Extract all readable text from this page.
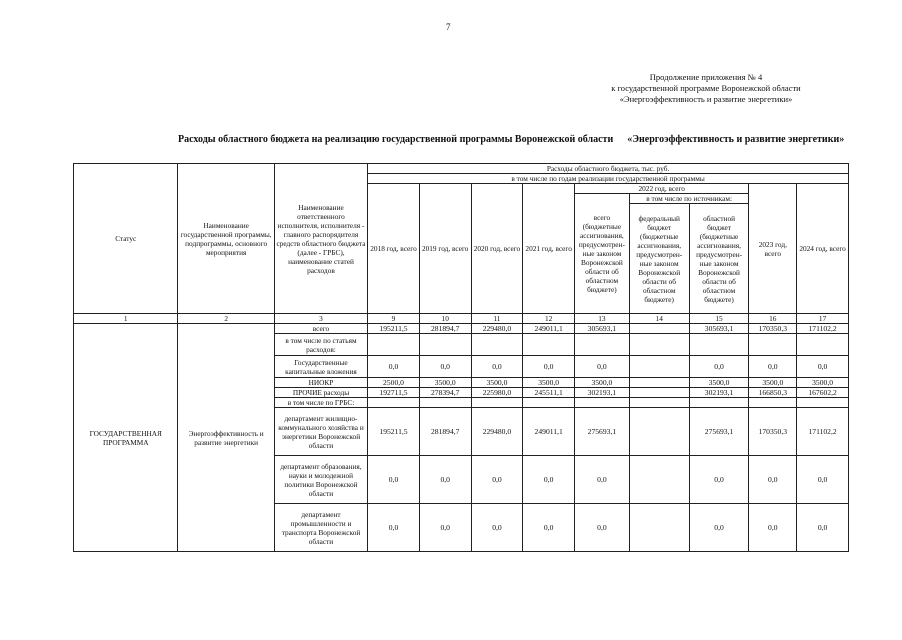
7
Продолжение приложения № 4
к государственной программе Воронежской области
«Энергоэффективность и развитие энергетики»
Расходы областного бюджета на реализацию государственной программы Воронежской области «Энергоэффективность и развитие энергетики»
Статус	Наименование государственной программы, подпрограммы, основного мероприятия	Наименование ответственного исполнителя, исполнителя - главного распорядителя средств областного бюджета (далее - ГРБС), наименование статей расходов	Расходы областного бюджета, тыс. руб.								
			в том числе по годам реализации государственной программы								
			2018 год, всего	2019 год, всего	2020 год, всего	2021 год, всего	2022 год, всего			2023 год, всего	2024 год, всего
							всего (бюджетные ассигнования, предусмотрен-ные законом Воронежской области об областном бюджете)	в том числе по источникам:			
								федеральный бюджет (бюджетные ассигнования, предусмотрен-ные законом Воронежской области об областном бюджете)	областной бюджет (бюджетные ассигнования, предусмотрен-ные законом Воронежской области об областном бюджете)		
1	2	3	9	10	11	12	13	14	15	16	17
ГОСУДАРСТВЕННАЯ ПРОГРАММА	Энергоэффективность и развитие энергетики	всего	195211,5	281894,7	229480,0	249011,1	305693,1		305693,1	170350,3	171102,2
		в том числе по статьям расходов:									
		Государственные капитальные вложения	0,0	0,0	0,0	0,0	0,0		0,0	0,0	0,0
		НИОКР	2500,0	3500,0	3500,0	3500,0	3500,0		3500,0	3500,0	3500,0
		ПРОЧИЕ расходы	192711,5	278394,7	225980,0	245511,1	302193,1		302193,1	166850,3	167602,2
		в том числе по ГРБС:									
		департамент жилищно-коммунального хозяйства и энергетики Воронежской области	195211,5	281894,7	229480,0	249011,1	275693,1		275693,1	170350,3	171102,2
		департамент образования, науки и молодежной политики Воронежской области	0,0	0,0	0,0	0,0	0,0		0,0	0,0	0,0
		департамент промышленности и транспорта Воронежской области	0,0	0,0	0,0	0,0	0,0		0,0	0,0	0,0
